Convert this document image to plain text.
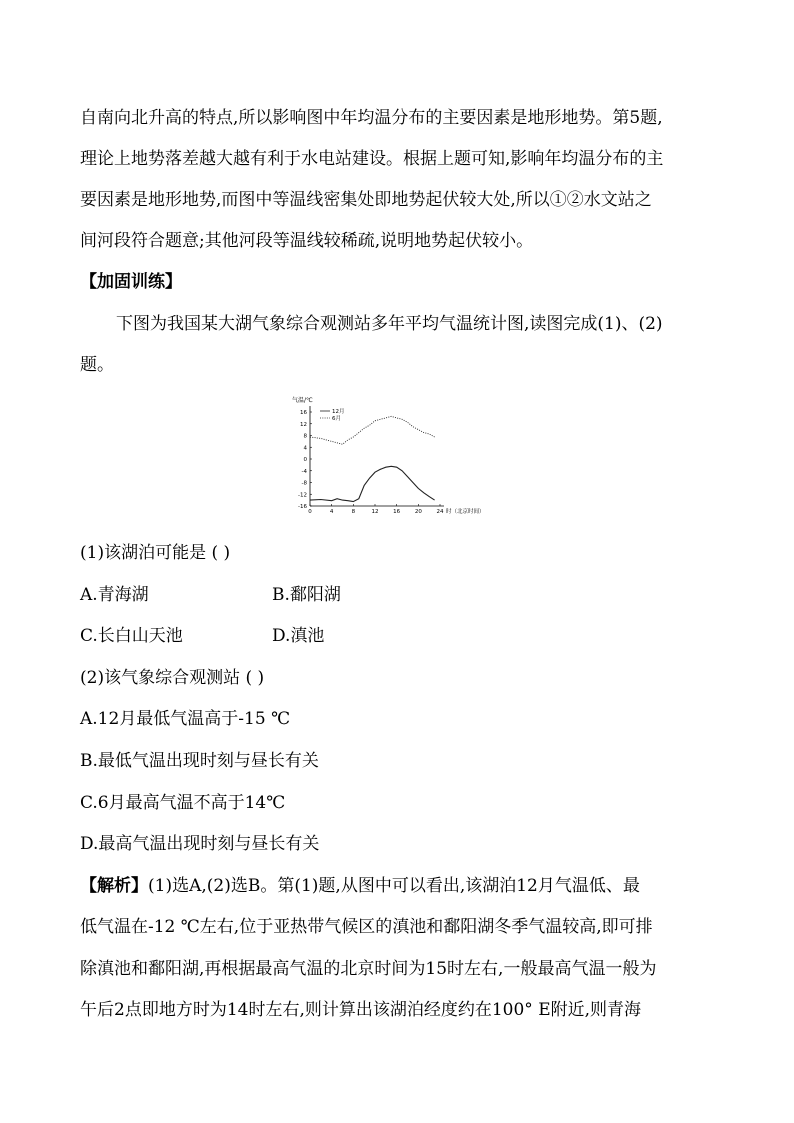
自南向北升高的特点,所以影响图中年均温分布的主要因素是地形地势。第5题,
理论上地势落差越大越有利于水电站建设。根据上题可知,影响年均温分布的主
要因素是地形地势,而图中等温线密集处即地势起伏较大处,所以①②水文站之
间河段符合题意;其他河段等温线较稀疏,说明地势起伏较小。
【加固训练】
下图为我国某大湖气象综合观测站多年平均气温统计图,读图完成(1)、(2)
题。
16
12
8
4
0
-4
-8
-12
-16
0	4	8	12	16	20	24
气温/℃
时（北京时间）
12月
6月
(1)该湖泊可能是 ( )
A.青海湖	B.鄱阳湖
C.长白山天池	D.滇池
(2)该气象综合观测站 ( )
A.12月最低气温高于-15 ℃
B.最低气温出现时刻与昼长有关
C.6月最高气温不高于14℃
D.最高气温出现时刻与昼长有关
【解析】(1)选A,(2)选B。第(1)题,从图中可以看出,该湖泊12月气温低、最
低气温在-12 ℃左右,位于亚热带气候区的滇池和鄱阳湖冬季气温较高,即可排
除滇池和鄱阳湖,再根据最高气温的北京时间为15时左右,一般最高气温一般为
午后2点即地方时为14时左右,则计算出该湖泊经度约在100° E附近,则青海
